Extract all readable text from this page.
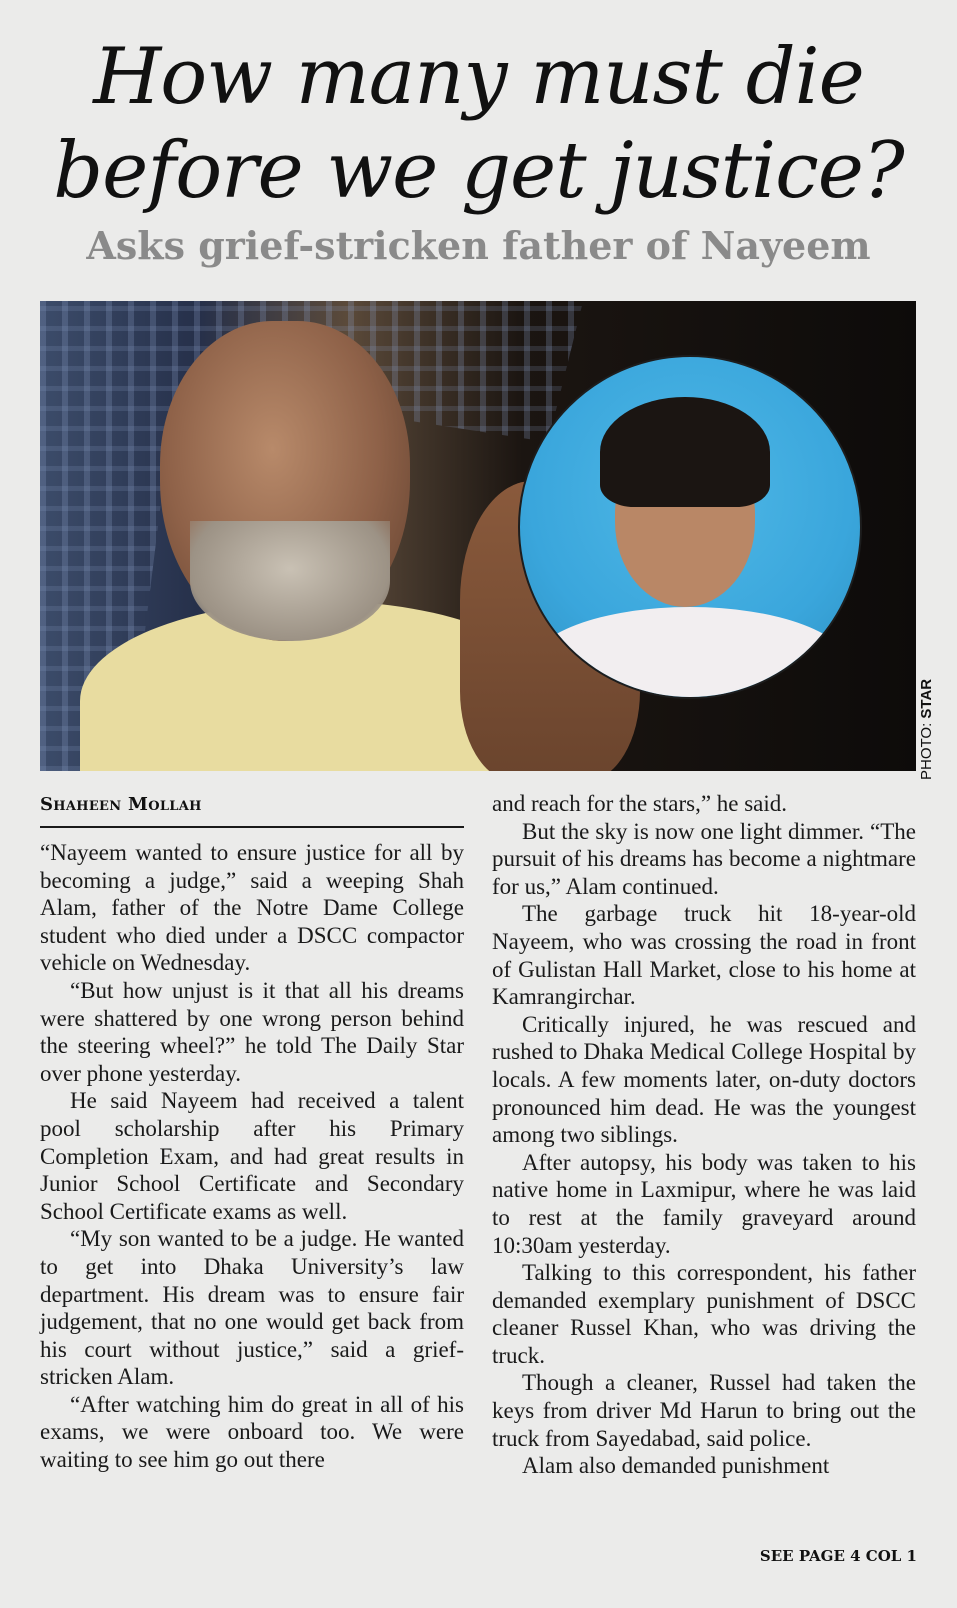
How many must die
before we get justice?
Asks grief-stricken father of Nayeem
PHOTO: STAR
Shaheen Mollah

“Nayeem wanted to ensure justice for all by becoming a judge,” said a weeping Shah Alam, father of the Notre Dame College student who died under a DSCC compactor vehicle on Wednesday.

“But how unjust is it that all his dreams were shattered by one wrong person behind the steering wheel?” he told The Daily Star over phone yesterday.

He said Nayeem had received a talent pool scholarship after his Primary Completion Exam, and had great results in Junior School Certificate and Secondary School Certificate exams as well.

“My son wanted to be a judge. He wanted to get into Dhaka University’s law department. His dream was to ensure fair judgement, that no one would get back from his court without justice,” said a grief-stricken Alam.

“After watching him do great in all of his exams, we were onboard too. We were waiting to see him go out there

and reach for the stars,” he said.

But the sky is now one light dimmer. “The pursuit of his dreams has become a nightmare for us,” Alam continued.

The garbage truck hit 18-year-old Nayeem, who was crossing the road in front of Gulistan Hall Market, close to his home at Kamrangirchar.

Critically injured, he was rescued and rushed to Dhaka Medical College Hospital by locals. A few moments later, on-duty doctors pronounced him dead. He was the youngest among two siblings.

After autopsy, his body was taken to his native home in Laxmipur, where he was laid to rest at the family graveyard around 10:30am yesterday.

Talking to this correspondent, his father demanded exemplary punishment of DSCC cleaner Russel Khan, who was driving the truck.

Though a cleaner, Russel had taken the keys from driver Md Harun to bring out the truck from Sayedabad, said police.

Alam also demanded punishment

SEE PAGE 4 COL 1
